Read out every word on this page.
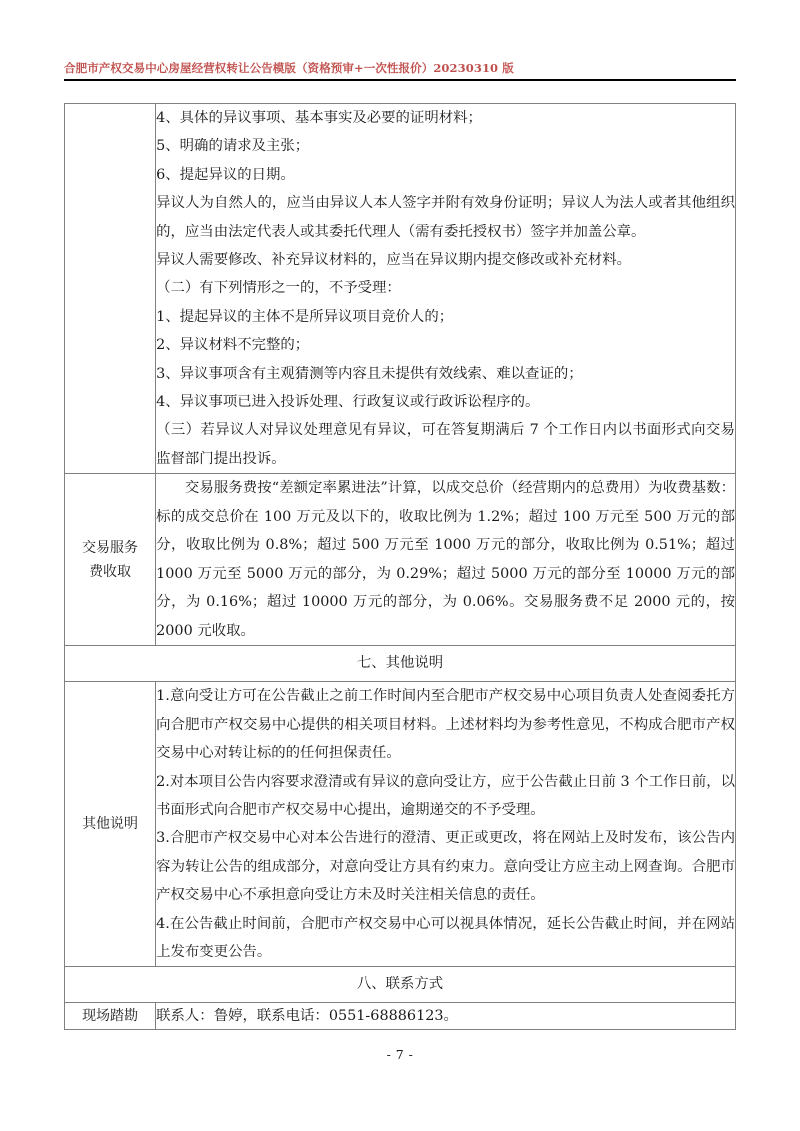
合肥市产权交易中心房屋经营权转让公告模版（资格预审+一次性报价）20230310 版

4、具体的异议事项、基本事实及必要的证明材料；

5、明确的请求及主张；

6、提起异议的日期。

异议人为自然人的，应当由异议人本人签字并附有效身份证明；异议人为法人或者其他组织的，应当由法定代表人或其委托代理人（需有委托授权书）签字并加盖公章。

异议人需要修改、补充异议材料的，应当在异议期内提交修改或补充材料。

（二）有下列情形之一的，不予受理：

1、提起异议的主体不是所异议项目竞价人的；

2、异议材料不完整的；

3、异议事项含有主观猜测等内容且未提供有效线索、难以查证的；

4、异议事项已进入投诉处理、行政复议或行政诉讼程序的。

（三）若异议人对异议处理意见有异议，可在答复期满后 7 个工作日内以书面形式向交易监督部门提出投诉。

交易服务
费收取	交易服务费按“差额定率累进法”计算，以成交总价（经营期内的总费用）为收费基数：标的成交总价在 100 万元及以下的，收取比例为 1.2%；超过 100 万元至 500 万元的部分，收取比例为 0.8%；超过 500 万元至 1000 万元的部分，收取比例为 0.51%；超过 1000 万元至 5000 万元的部分，为 0.29%；超过 5000 万元的部分至 10000 万元的部分，为 0.16%；超过 10000 万元的部分，为 0.06%。交易服务费不足 2000 元的，按 2000 元收取。

七、其他说明	

其他说明	1.意向受让方可在公告截止之前工作时间内至合肥市产权交易中心项目负责人处查阅委托方向合肥市产权交易中心提供的相关项目材料。上述材料均为参考性意见，不构成合肥市产权交易中心对转让标的的任何担保责任。

2.对本项目公告内容要求澄清或有异议的意向受让方，应于公告截止日前 3 个工作日前，以书面形式向合肥市产权交易中心提出，逾期递交的不予受理。

3.合肥市产权交易中心对本公告进行的澄清、更正或更改，将在网站上及时发布，该公告内容为转让公告的组成部分，对意向受让方具有约束力。意向受让方应主动上网查询。合肥市产权交易中心不承担意向受让方未及时关注相关信息的责任。

4.在公告截止时间前，合肥市产权交易中心可以视具体情况，延长公告截止时间，并在网站上发布变更公告。

八、联系方式	

现场踏勘	联系人：鲁婷，联系电话：0551-68886123。

- 7 -
